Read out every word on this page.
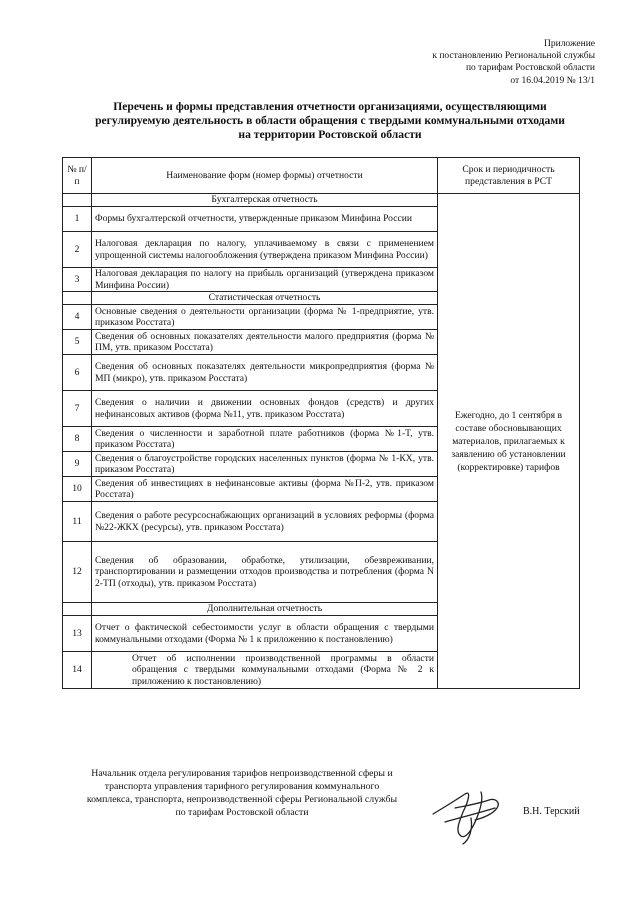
Приложение
к постановлению Региональной службы
по тарифам Ростовской области
от 16.04.2019 № 13/1
Перечень и формы представления отчетности организациями, осуществляющими регулируемую деятельность в области обращения с твердыми коммунальными отходами на территории Ростовской области
№ п/п	Наименование форм (номер формы) отчетности	Срок и периодичность представления в РСТ
	Бухгалтерская отчетность	Ежегодно, до 1 сентября в составе обосновывающих материалов, прилагаемых к заявлению об установлении (корректировке) тарифов
1	Формы бухгалтерской отчетности, утвержденные приказом Минфина России	
2	Налоговая декларация по налогу, уплачиваемому в связи с применением упрощенной системы налогообложения (утверждена приказом Минфина России)	
3	Налоговая декларация по налогу на прибыль организаций (утверждена приказом Минфина России)	
	Статистическая отчетность	
4	Основные сведения о деятельности организации (форма № 1-предприятие, утв. приказом Росстата)	
5	Сведения об основных показателях деятельности малого предприятия (форма № ПМ, утв. приказом Росстата)	
6	Сведения об основных показателях деятельности микропредприятия (форма № МП (микро), утв. приказом Росстата)	
7	Сведения о наличии и движении основных фондов (средств) и других нефинансовых активов (форма №11, утв. приказом Росстата)	
8	Сведения о численности и заработной плате работников (форма №1-Т, утв. приказом Росстата)	
9	Сведения о благоустройстве городских населенных пунктов (форма № 1-КХ, утв. приказом Росстата)	
10	Сведения об инвестициях в нефинансовые активы (форма №П-2, утв. приказом Росстата)	
11	Сведения о работе ресурсоснабжающих организаций в условиях реформы (форма №22-ЖКХ (ресурсы), утв. приказом Росстата)	
12	Сведения об образовании, обработке, утилизации, обезвреживании, транспортировании и размещении отходов производства и потребления (форма N 2-ТП (отходы), утв. приказом Росстата)	
	Дополнительная отчетность	
13	Отчет о фактической себестоимости услуг в области обращения с твердыми коммунальными отходами (Форма № 1 к приложению к постановлению)	
14	Отчет об исполнении производственной программы в области обращения с твердыми коммунальными отходами (Форма № 2 к приложению к постановлению)	
Начальник отдела регулирования тарифов непроизводственной сферы и транспорта управления тарифного регулирования коммунального комплекса, транспорта, непроизводственной сферы Региональной службы по тарифам Ростовской области	В.Н. Терский
